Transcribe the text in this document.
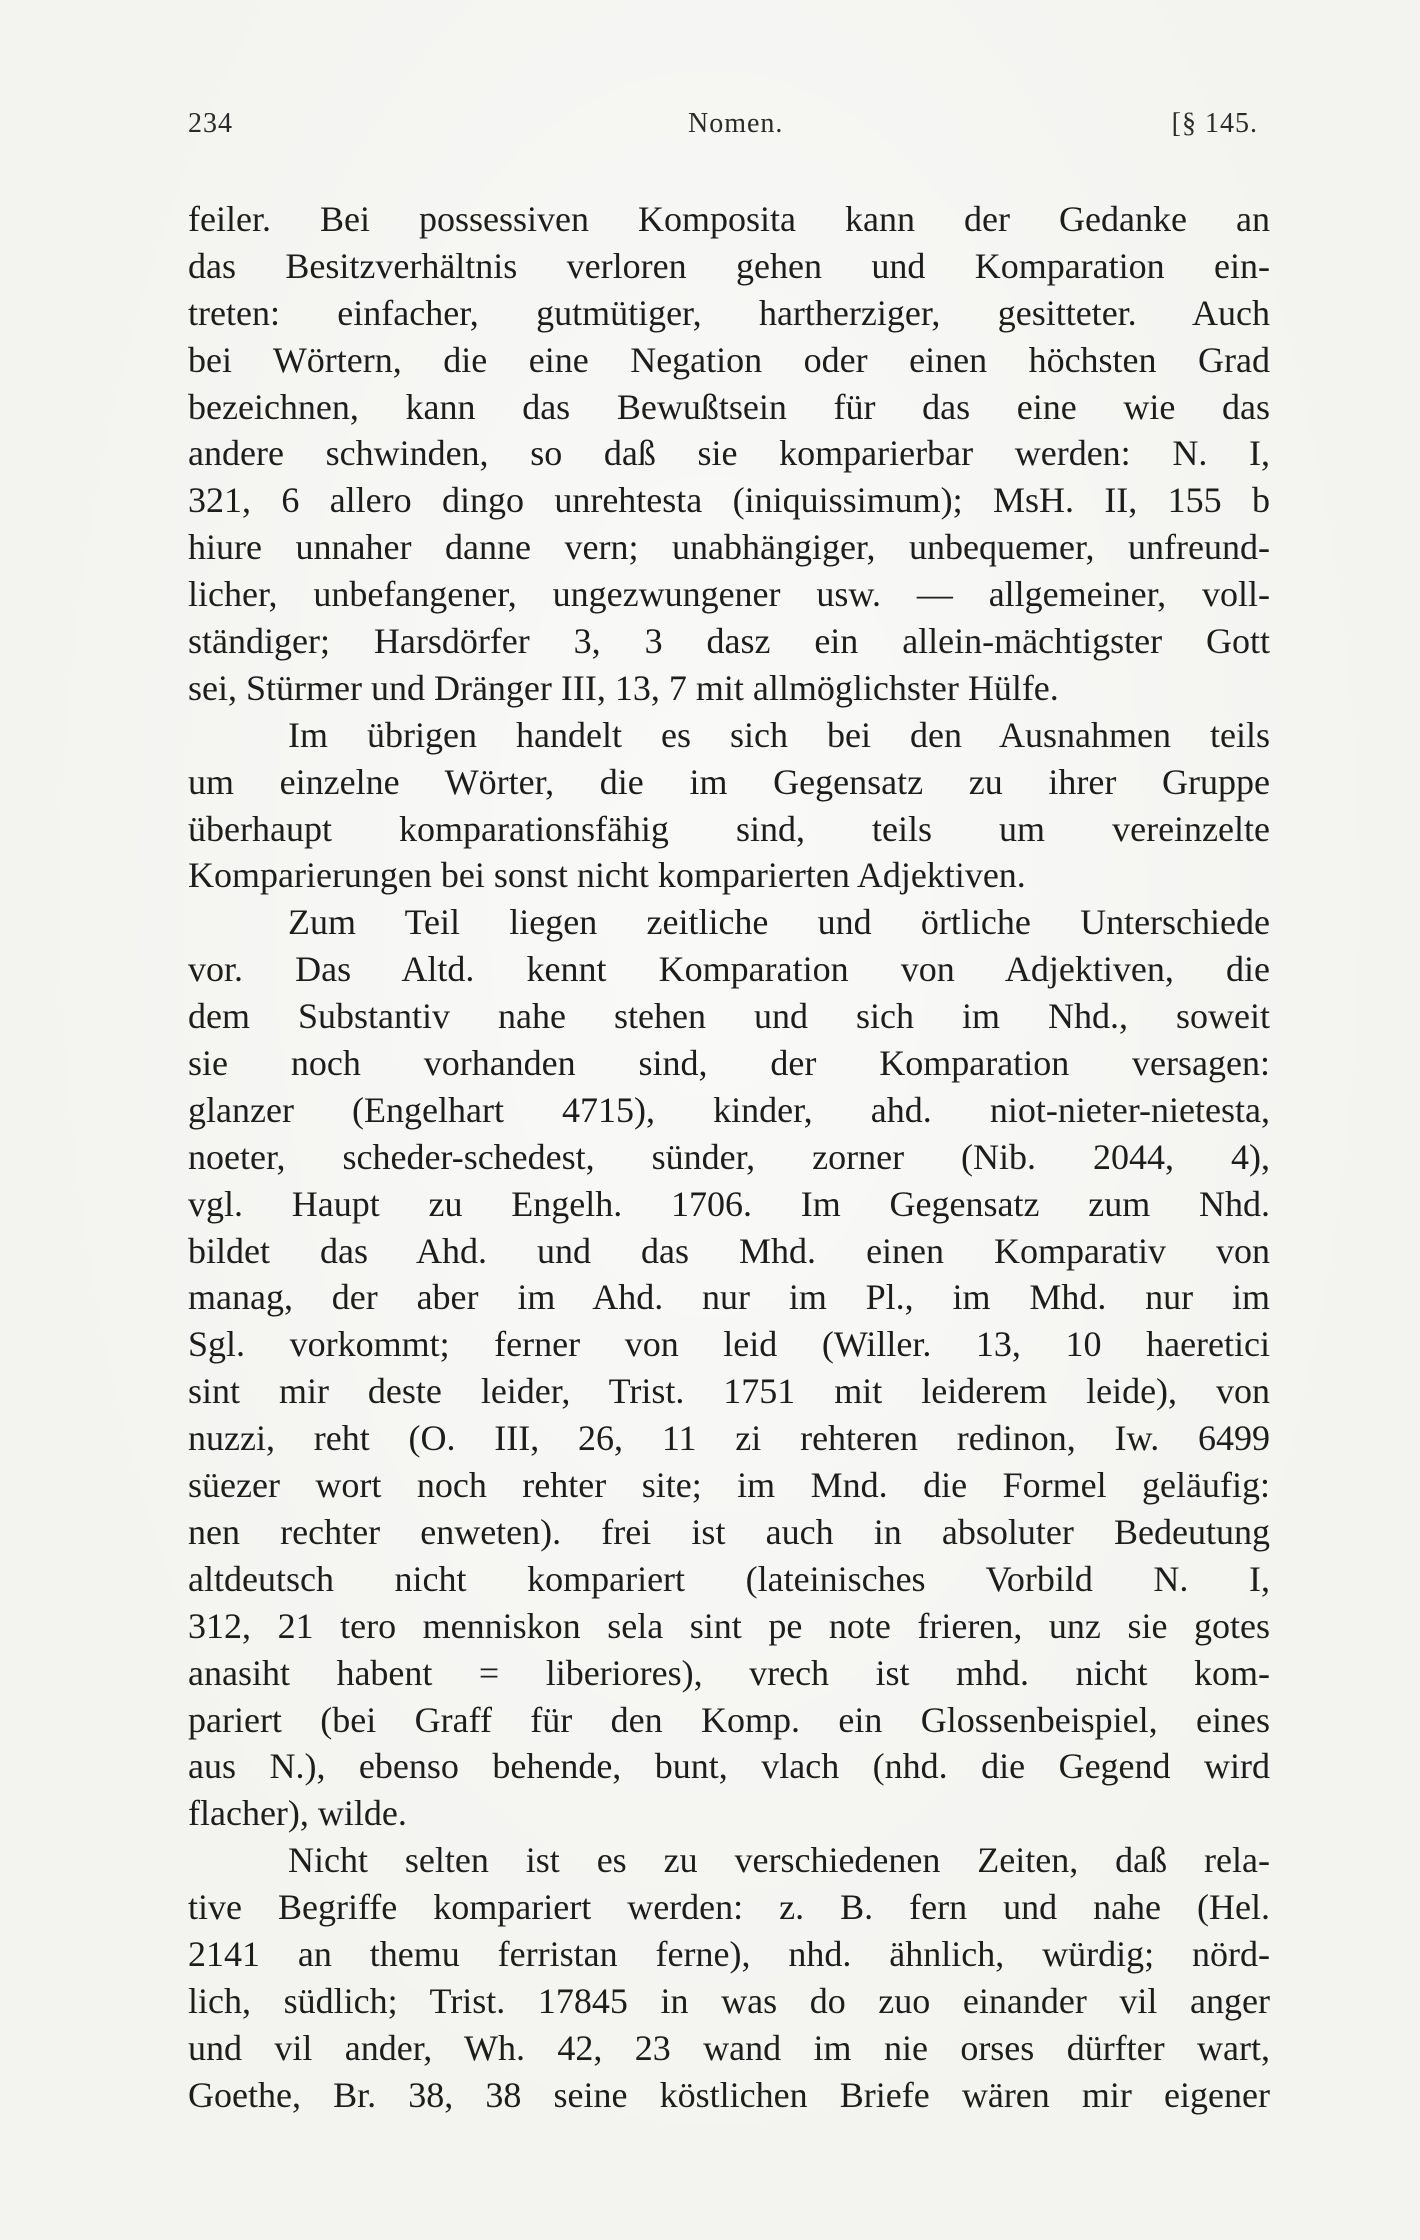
234	Nomen.	[§ 145.
feiler. Bei possessiven Komposita kann der Gedanke an
das Besitzverhältnis verloren gehen und Komparation ein-
treten: einfacher, gutmütiger, hartherziger, gesitteter. Auch
bei Wörtern, die eine Negation oder einen höchsten Grad
bezeichnen, kann das Bewußtsein für das eine wie das
andere schwinden, so daß sie komparierbar werden: N. I,
321, 6 allero dingo unrehtesta (iniquissimum); MsH. II, 155 b
hiure unnaher danne vern; unabhängiger, unbequemer, unfreund-
licher, unbefangener, ungezwungener usw. — allgemeiner, voll-
ständiger; Harsdörfer 3, 3 dasz ein allein-mächtigster Gott
sei, Stürmer und Dränger III, 13, 7 mit allmöglichster Hülfe.
Im übrigen handelt es sich bei den Ausnahmen teils
um einzelne Wörter, die im Gegensatz zu ihrer Gruppe
überhaupt komparationsfähig sind, teils um vereinzelte
Komparierungen bei sonst nicht komparierten Adjektiven.
Zum Teil liegen zeitliche und örtliche Unterschiede
vor. Das Altd. kennt Komparation von Adjektiven, die
dem Substantiv nahe stehen und sich im Nhd., soweit
sie noch vorhanden sind, der Komparation versagen:
glanzer (Engelhart 4715), kinder, ahd. niot-nieter-nietesta,
noeter, scheder-schedest, sünder, zorner (Nib. 2044, 4),
vgl. Haupt zu Engelh. 1706. Im Gegensatz zum Nhd.
bildet das Ahd. und das Mhd. einen Komparativ von
manag, der aber im Ahd. nur im Pl., im Mhd. nur im
Sgl. vorkommt; ferner von leid (Willer. 13, 10 haeretici
sint mir deste leider, Trist. 1751 mit leiderem leide), von
nuzzi, reht (O. III, 26, 11 zi rehteren redinon, Iw. 6499
süezer wort noch rehter site; im Mnd. die Formel geläufig:
nen rechter enweten). frei ist auch in absoluter Bedeutung
altdeutsch nicht kompariert (lateinisches Vorbild N. I,
312, 21 tero menniskon sela sint pe note frieren, unz sie gotes
anasiht habent = liberiores), vrech ist mhd. nicht kom-
pariert (bei Graff für den Komp. ein Glossenbeispiel, eines
aus N.), ebenso behende, bunt, vlach (nhd. die Gegend wird
flacher), wilde.
Nicht selten ist es zu verschiedenen Zeiten, daß rela-
tive Begriffe kompariert werden: z. B. fern und nahe (Hel.
2141 an themu ferristan ferne), nhd. ähnlich, würdig; nörd-
lich, südlich; Trist. 17845 in was do zuo einander vil anger
und vil ander, Wh. 42, 23 wand im nie orses dürfter wart,
Goethe, Br. 38, 38 seine köstlichen Briefe wären mir eigener
